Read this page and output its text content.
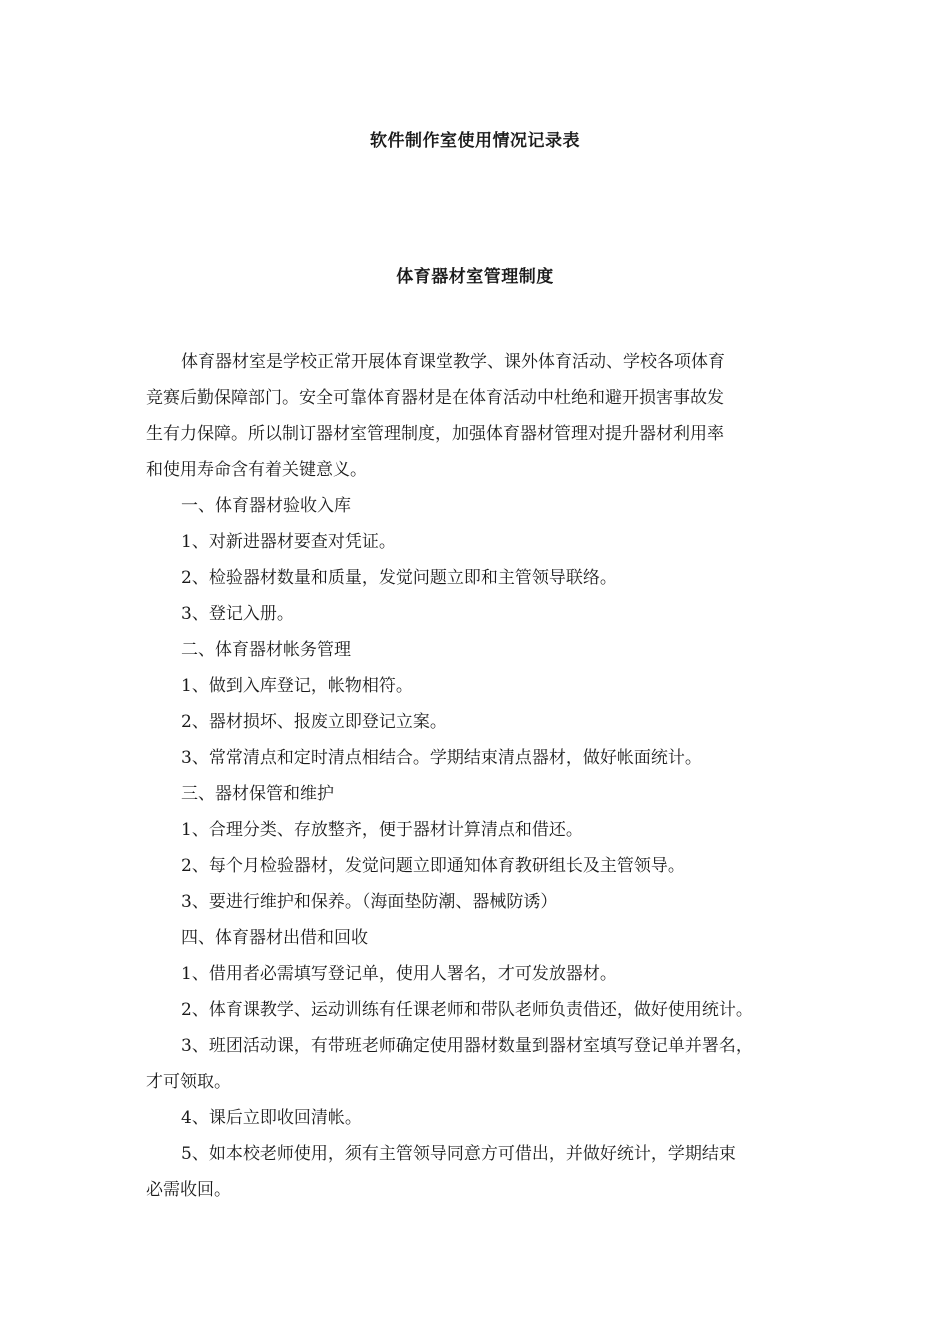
软件制作室使用情况记录表
体育器材室管理制度

体育器材室是学校正常开展体育课堂教学、课外体育活动、学校各项体育

竞赛后勤保障部门。安全可靠体育器材是在体育活动中杜绝和避开损害事故发

生有力保障。所以制订器材室管理制度，加强体育器材管理对提升器材利用率

和使用寿命含有着关键意义。

一、体育器材验收入库

1、对新进器材要查对凭证。

2、检验器材数量和质量，发觉问题立即和主管领导联络。

3、登记入册。

二、体育器材帐务管理

1、做到入库登记，帐物相符。

2、器材损坏、报废立即登记立案。

3、常常清点和定时清点相结合。学期结束清点器材，做好帐面统计。

三、器材保管和维护

1、合理分类、存放整齐，便于器材计算清点和借还。

2、每个月检验器材，发觉问题立即通知体育教研组长及主管领导。

3、要进行维护和保养。（海面垫防潮、器械防诱）

四、体育器材出借和回收

1、借用者必需填写登记单，使用人署名，才可发放器材。

2、体育课教学、运动训练有任课老师和带队老师负责借还，做好使用统计。

3、班团活动课，有带班老师确定使用器材数量到器材室填写登记单并署名，

才可领取。

4、课后立即收回清帐。

5、如本校老师使用，须有主管领导同意方可借出，并做好统计，学期结束

必需收回。
